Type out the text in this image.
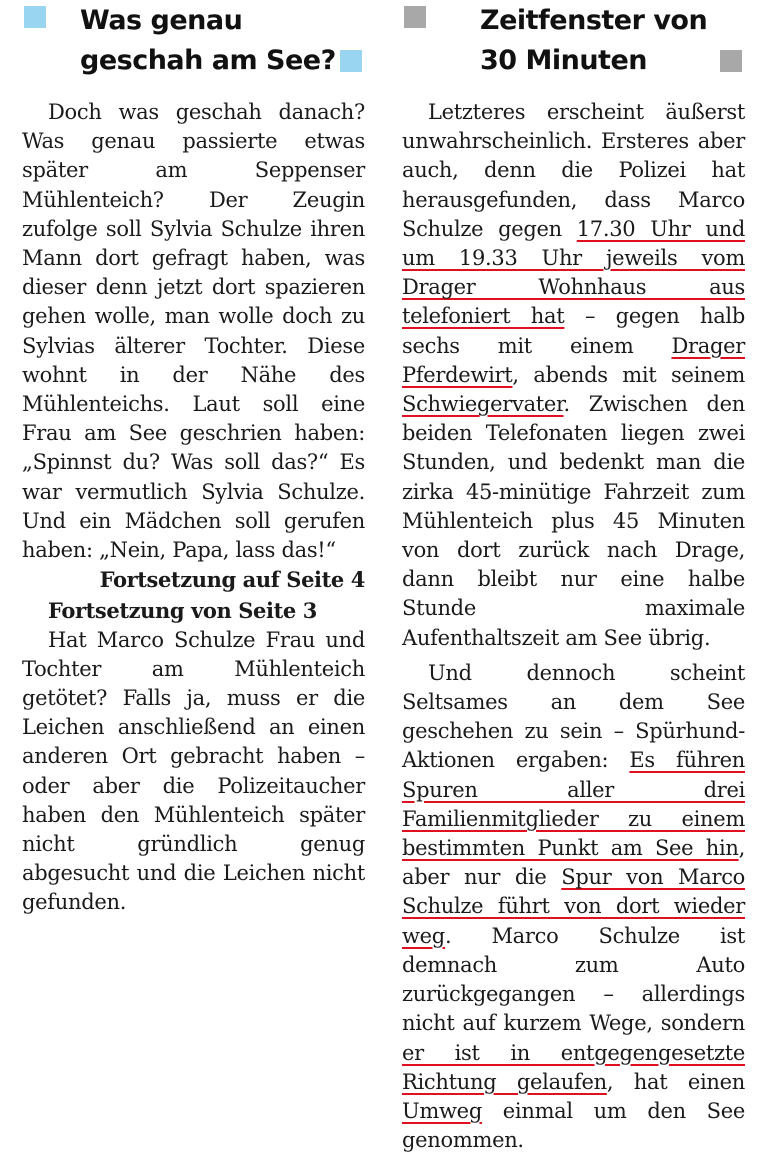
Was genau
geschah am See?

Doch was geschah danach? Was genau passierte etwas später am Seppenser Mühlenteich? Der Zeugin zufolge soll Sylvia Schulze ihren Mann dort gefragt haben, was dieser denn jetzt dort spazieren gehen wolle, man wolle doch zu Sylvias älterer Tochter. Diese wohnt in der Nähe des Mühlenteichs. Laut soll eine Frau am See geschrien haben: „Spinnst du? Was soll das?“ Es war vermutlich Sylvia Schulze. Und ein Mädchen soll gerufen haben: „Nein, Papa, lass das!“

Fortsetzung auf Seite 4

Fortsetzung von Seite 3

Hat Marco Schulze Frau und Tochter am Mühlenteich getötet? Falls ja, muss er die Leichen anschließend an einen anderen Ort gebracht haben – oder aber die Polizeitaucher haben den Mühlenteich später nicht gründlich genug abgesucht und die Leichen nicht gefunden.

Zeitfenster von
30 Minuten

Letzteres erscheint äußerst unwahrscheinlich. Ersteres aber auch, denn die Polizei hat herausgefunden, dass Marco Schulze gegen 17.30 Uhr und um 19.33 Uhr jeweils vom Drager Wohnhaus aus telefoniert hat – gegen halb sechs mit einem Drager Pferdewirt, abends mit seinem Schwiegervater. Zwischen den beiden Telefonaten liegen zwei Stunden, und bedenkt man die zirka 45-minütige Fahrzeit zum Mühlenteich plus 45 Minuten von dort zurück nach Drage, dann bleibt nur eine halbe Stunde maximale Aufenthaltszeit am See übrig.

Und dennoch scheint Seltsames an dem See geschehen zu sein – Spürhund-Aktionen ergaben: Es führen Spuren aller drei Familienmitglieder zu einem bestimmten Punkt am See hin, aber nur die Spur von Marco Schulze führt von dort wieder weg. Marco Schulze ist demnach zum Auto zurückgegangen – allerdings nicht auf kurzem Wege, sondern er ist in entgegengesetzte Richtung gelaufen, hat einen Umweg einmal um den See genommen.
